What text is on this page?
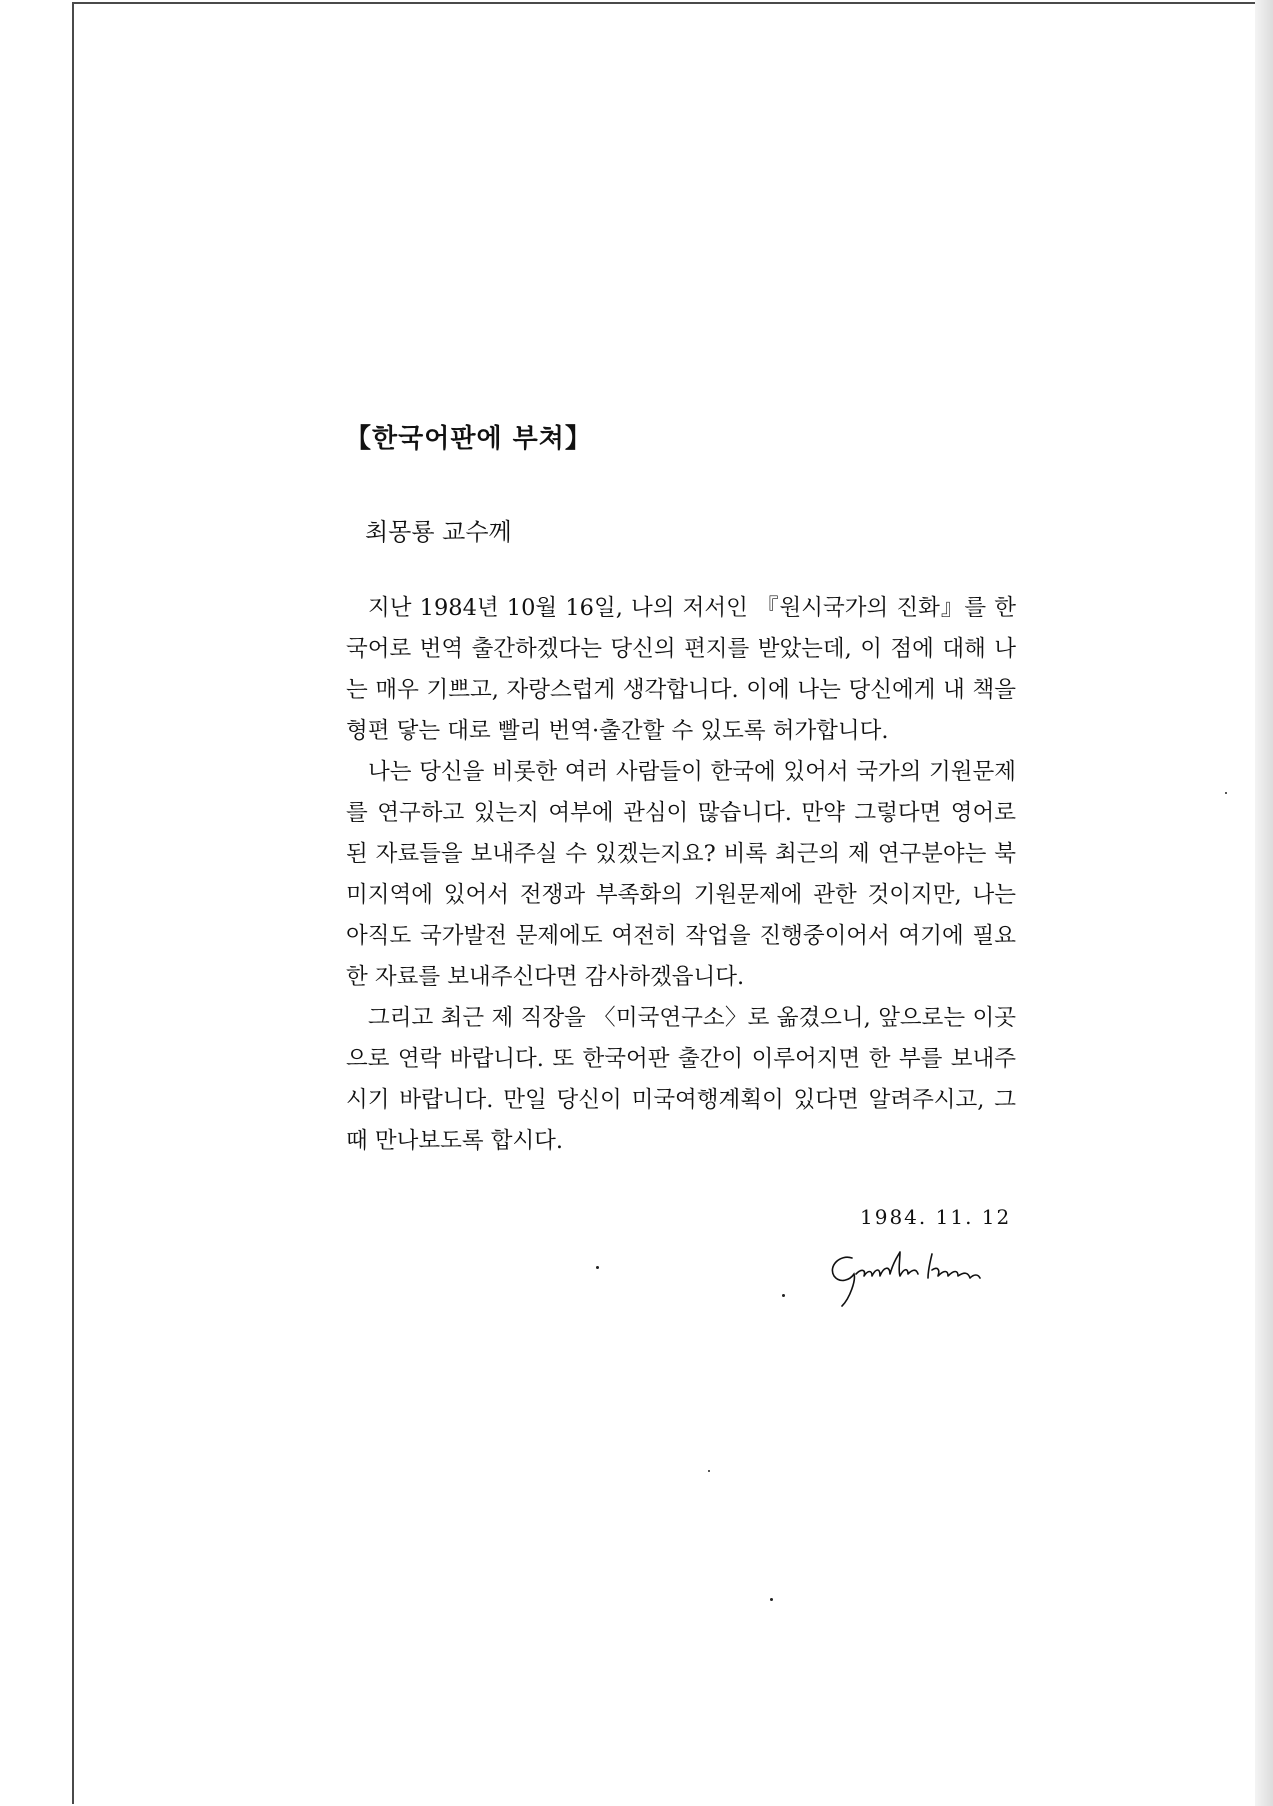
【한국어판에 부쳐】
최몽룡 교수께

지난 1984년 10월 16일, 나의 저서인 『원시국가의 진화』를 한국어로 번역 출간하겠다는 당신의 편지를 받았는데, 이 점에 대해 나는 매우 기쁘고, 자랑스럽게 생각합니다. 이에 나는 당신에게 내 책을 형편 닿는 대로 빨리 번역·출간할 수 있도록 허가합니다.

나는 당신을 비롯한 여러 사람들이 한국에 있어서 국가의 기원문제를 연구하고 있는지 여부에 관심이 많습니다. 만약 그렇다면 영어로 된 자료들을 보내주실 수 있겠는지요? 비록 최근의 제 연구분야는 북미지역에 있어서 전쟁과 부족화의 기원문제에 관한 것이지만, 나는 아직도 국가발전 문제에도 여전히 작업을 진행중이어서 여기에 필요한 자료를 보내주신다면 감사하겠읍니다.

그리고 최근 제 직장을 〈미국연구소〉로 옮겼으니, 앞으로는 이곳으로 연락 바랍니다. 또 한국어판 출간이 이루어지면 한 부를 보내주시기 바랍니다. 만일 당신이 미국여행계획이 있다면 알려주시고, 그때 만나보도록 합시다.

1984. 11. 12
